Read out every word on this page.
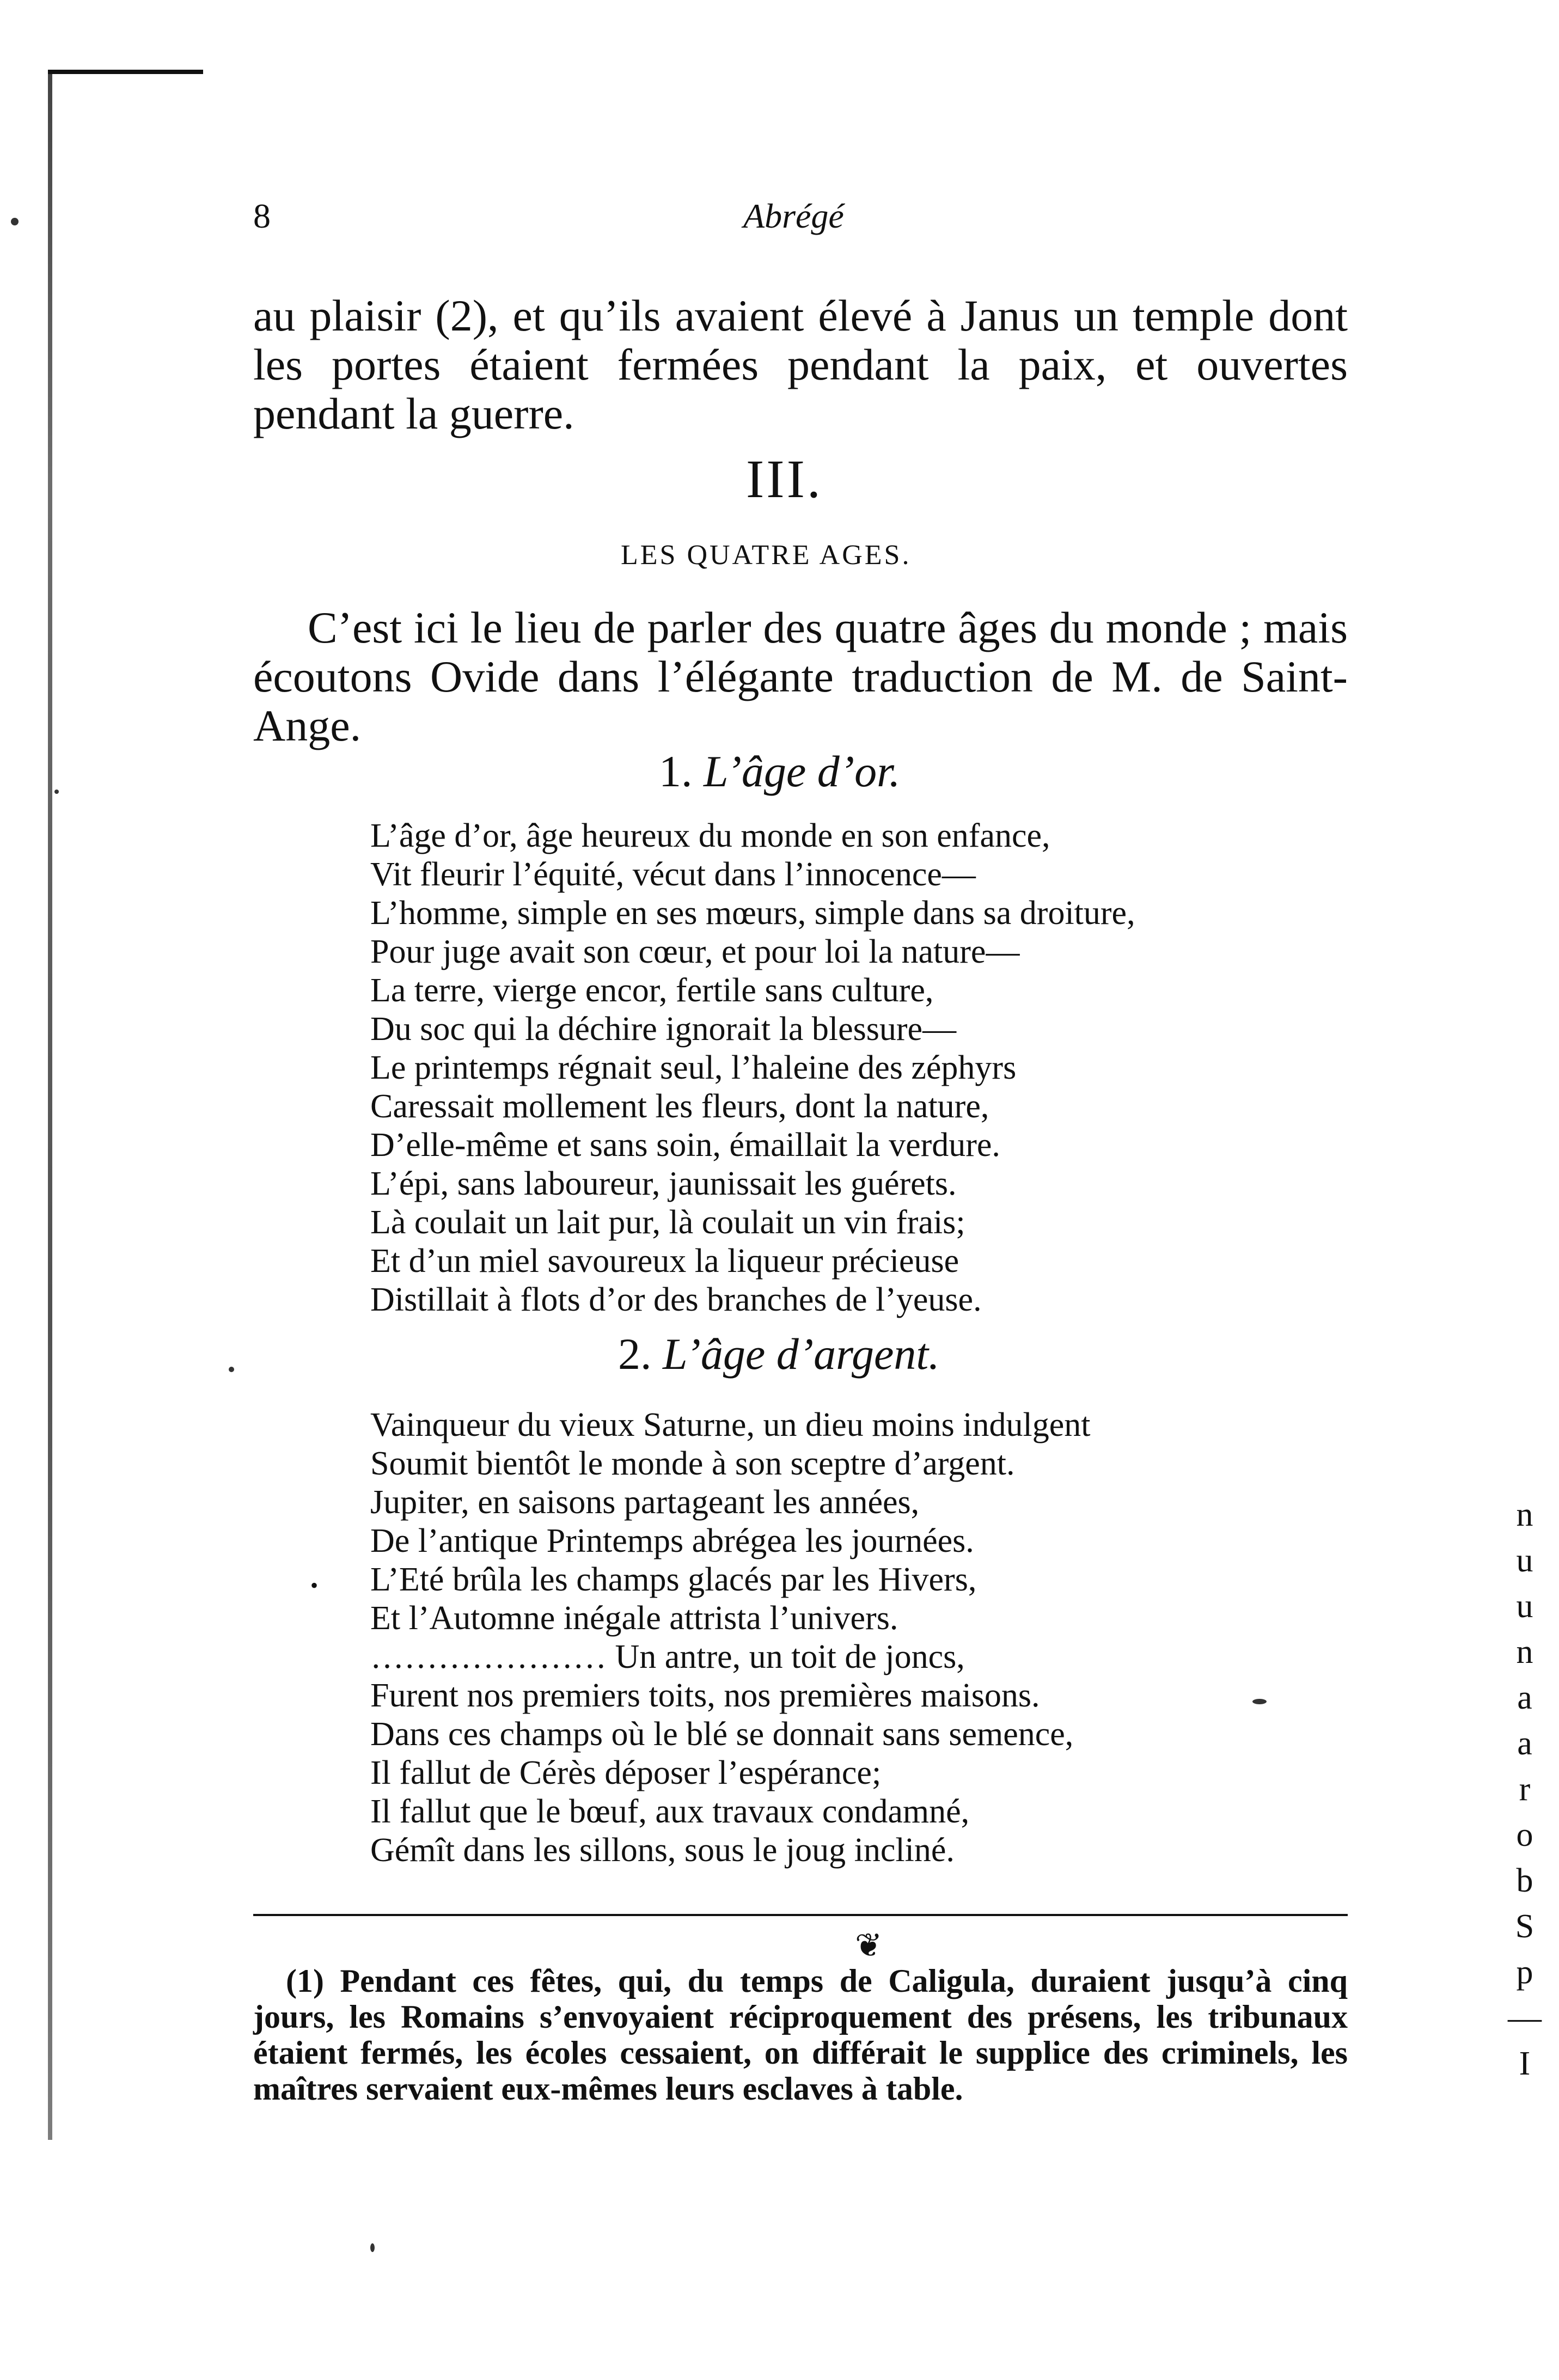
8	Abrégé
au plaisir (2), et qu’ils avaient élevé à Janus un temple dont les portes étaient fermées pendant la paix, et ouvertes pendant la guerre.
III.
LES QUATRE AGES.
C’est ici le lieu de parler des quatre âges du monde ; mais écoutons Ovide dans l’élégante traduction de M. de Saint-Ange.
1. L’âge d’or.
L’âge d’or, âge heureux du monde en son enfance,
Vit fleurir l’équité, vécut dans l’innocence—
L’homme, simple en ses mœurs, simple dans sa droiture,
Pour juge avait son cœur, et pour loi la nature—
La terre, vierge encor, fertile sans culture,
Du soc qui la déchire ignorait la blessure—
Le printemps régnait seul, l’haleine des zéphyrs
Caressait mollement les fleurs, dont la nature,
D’elle-même et sans soin, émaillait la verdure.
L’épi, sans laboureur, jaunissait les guérets.
Là coulait un lait pur, là coulait un vin frais;
Et d’un miel savoureux la liqueur précieuse
Distillait à flots d’or des branches de l’yeuse.
2. L’âge d’argent.
•
Vainqueur du vieux Saturne, un dieu moins indulgent
Soumit bientôt le monde à son sceptre d’argent.
Jupiter, en saisons partageant les années,
De l’antique Printemps abrégea les journées.
L’Eté brûla les champs glacés par les Hivers,
Et l’Automne inégale attrista l’univers.
………………… Un antre, un toit de joncs,
Furent nos premiers toits, nos premières maisons.
Dans ces champs où le blé se donnait sans semence,
Il fallut de Cérès déposer l’espérance;
Il fallut que le bœuf, aux travaux condamné,
Gémît dans les sillons, sous le joug incliné.
❦
(1) Pendant ces fêtes, qui, du temps de Caligula, duraient jusqu’à cinq jours, les Romains s’envoyaient réciproquement des présens, les tribunaux étaient fermés, les écoles cessaient, on différait le supplice des criminels, les maîtres servaient eux-mêmes leurs esclaves à table.
n
u
u
n
a
a
r
o
b
S
p
—
I
